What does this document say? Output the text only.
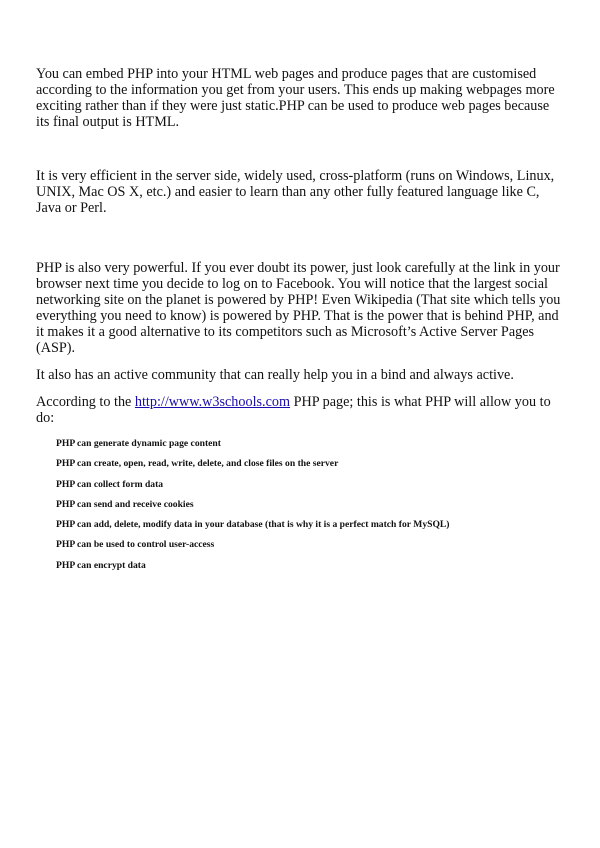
You can embed PHP into your HTML web pages and produce pages that are customised according to the information you get from your users. This ends up making webpages more exciting rather than if they were just static.PHP can be used to produce web pages because its final output is HTML.

It is very efficient in the server side, widely used, cross-platform (runs on Windows, Linux, UNIX, Mac OS X, etc.) and easier to learn than any other fully featured language like C, Java or Perl.

PHP is also very powerful. If you ever doubt its power, just look carefully at the link in your browser next time you decide to log on to Facebook. You will notice that the largest social networking site on the planet is powered by PHP! Even Wikipedia (That site which tells you everything you need to know) is powered by PHP. That is the power that is behind PHP, and it makes it a good alternative to its competitors such as Microsoft’s Active Server Pages (ASP).

It also has an active community that can really help you in a bind and always active.

According to the http://www.w3schools.com PHP page; this is what PHP will allow you to do:

PHP can generate dynamic page content
PHP can create, open, read, write, delete, and close files on the server
PHP can collect form data
PHP can send and receive cookies
PHP can add, delete, modify data in your database (that is why it is a perfect match for MySQL)
PHP can be used to control user-access
PHP can encrypt data
